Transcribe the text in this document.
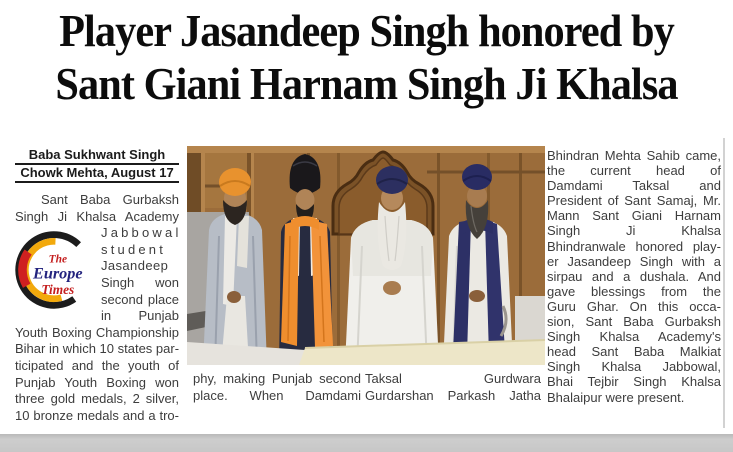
Player Jasandeep Singh honored by
Sant Giani Harnam Singh Ji Khalsa
Baba Sukhwant Singh
Chowk Mehta, August 17
Sant Baba Gurbaksh
Singh Ji Khalsa Academy
The
Europe
Times
Jabbowal
student
Jasandeep
Singh won
second place
in Punjab
Youth Boxing Championship
Bihar in which 10 states par-
ticipated and the youth of
Punjab Youth Boxing won
three gold medals, 2 silver,
10 bronze medals and a tro-
phy, making Punjab second
place. When Damdami
Taksal Gurdwara
Gurdarshan Parkash Jatha
Bhindran Mehta Sahib came,
the current head of
Damdami Taksal and
President of Sant Samaj, Mr.
Mann Sant Giani Harnam
Singh Ji Khalsa
Bhindranwale honored play-
er Jasandeep Singh with a
sirpau and a dushala. And
gave blessings from the
Guru Ghar. On this occa-
sion, Sant Baba Gurbaksh
Singh Khalsa Academy's
head Sant Baba Malkiat
Singh Khalsa Jabbowal,
Bhai Tejbir Singh Khalsa
Bhalaipur were present.
